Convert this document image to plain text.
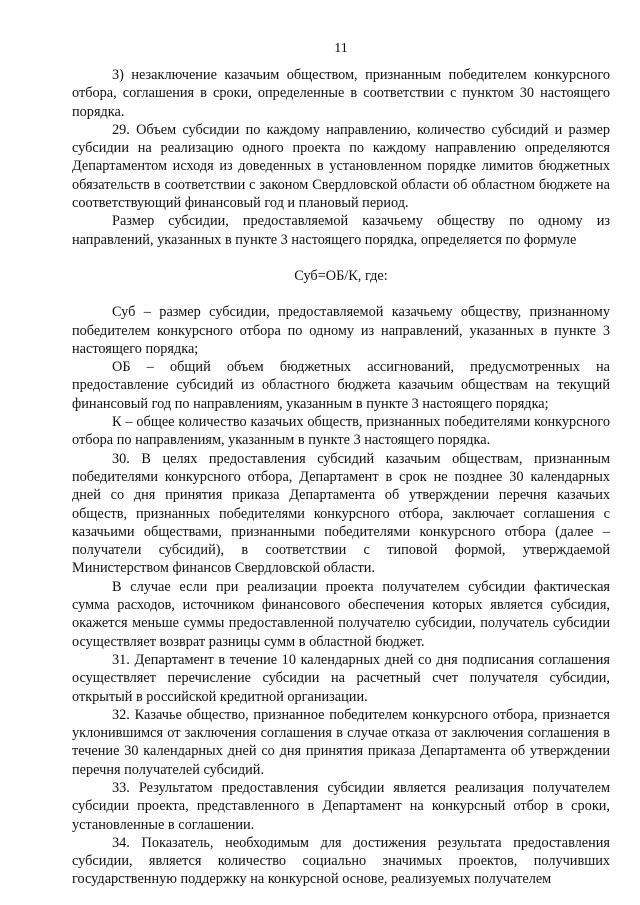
11

3) незаключение казачьим обществом, признанным победителем конкурсного отбора, соглашения в сроки, определенные в соответствии с пунктом 30 настоящего порядка.

29. Объем субсидии по каждому направлению, количество субсидий и размер субсидии на реализацию одного проекта по каждому направлению определяются Департаментом исходя из доведенных в установленном порядке лимитов бюджетных обязательств в соответствии с законом Свердловской области об областном бюджете на соответствующий финансовый год и плановый период.

Размер субсидии, предоставляемой казачьему обществу по одному из направлений, указанных в пункте 3 настоящего порядка, определяется по формуле

Суб=ОБ/К, где:

Суб – размер субсидии, предоставляемой казачьему обществу, признанному победителем конкурсного отбора по одному из направлений, указанных в пункте 3 настоящего порядка;

ОБ – общий объем бюджетных ассигнований, предусмотренных на предоставление субсидий из областного бюджета казачьим обществам на текущий финансовый год по направлениям, указанным в пункте 3 настоящего порядка;

К – общее количество казачьих обществ, признанных победителями конкурсного отбора по направлениям, указанным в пункте 3 настоящего порядка.

30. В целях предоставления субсидий казачьим обществам, признанным победителями конкурсного отбора, Департамент в срок не позднее 30 календарных дней со дня принятия приказа Департамента об утверждении перечня казачьих обществ, признанных победителями конкурсного отбора, заключает соглашения с казачьими обществами, признанными победителями конкурсного отбора (далее – получатели субсидий), в соответствии с типовой формой, утверждаемой Министерством финансов Свердловской области.

В случае если при реализации проекта получателем субсидии фактическая сумма расходов, источником финансового обеспечения которых является субсидия, окажется меньше суммы предоставленной получателю субсидии, получатель субсидии осуществляет возврат разницы сумм в областной бюджет.

31. Департамент в течение 10 календарных дней со дня подписания соглашения осуществляет перечисление субсидии на расчетный счет получателя субсидии, открытый в российской кредитной организации.

32. Казачье общество, признанное победителем конкурсного отбора, признается уклонившимся от заключения соглашения в случае отказа от заключения соглашения в течение 30 календарных дней со дня принятия приказа Департамента об утверждении перечня получателей субсидий.

33. Результатом предоставления субсидии является реализация получателем субсидии проекта, представленного в Департамент на конкурсный отбор в сроки, установленные в соглашении.

34. Показатель, необходимым для достижения результата предоставления субсидии, является количество социально значимых проектов, получивших государственную поддержку на конкурсной основе, реализуемых получателем
